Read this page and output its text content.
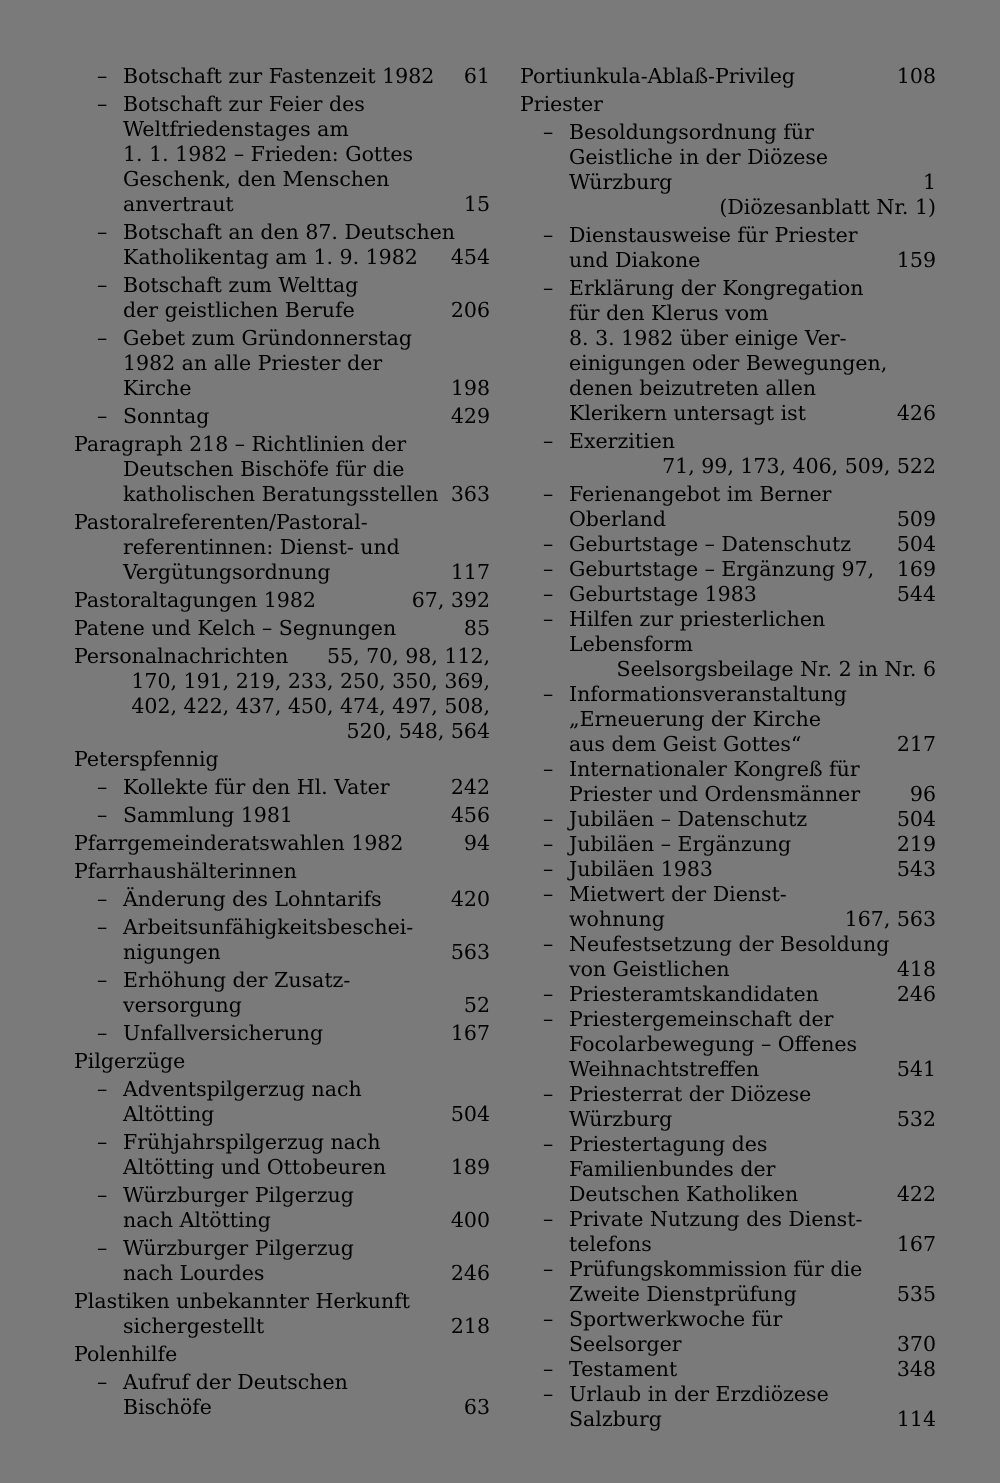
– Botschaft zur Fastenzeit 1982 61
– Botschaft zur Feier des
Weltfriedenstages am
1. 1. 1982 – Frieden: Gottes
Geschenk, den Menschen
anvertraut	15
– Botschaft an den 87. Deutschen
Katholikentag am 1. 9. 1982 454
– Botschaft zum Welttag
der geistlichen Berufe	206
– Gebet zum Gründonnerstag
1982 an alle Priester der
Kirche	198
– Sonntag	429
Paragraph 218 – Richtlinien der
Deutschen Bischöfe für die
katholischen Beratungsstellen 363
Pastoralreferenten/Pastoral-
referentinnen: Dienst- und
Vergütungsordnung	117
Pastoraltagungen 1982	67, 392
Patene und Kelch – Segnungen	85
Personalnachrichten 55, 70, 98, 112,
170, 191, 219, 233, 250, 350, 369,
402, 422, 437, 450, 474, 497, 508,
520, 548, 564
Peterspfennig
– Kollekte für den Hl. Vater	242
– Sammlung 1981	456
Pfarrgemeinderatswahlen 1982	94
Pfarrhaushälterinnen
– Änderung des Lohntarifs	420
– Arbeitsunfähigkeitsbeschei-
nigungen	563
– Erhöhung der Zusatz-
versorgung	52
– Unfallversicherung	167
Pilgerzüge
– Adventspilgerzug nach
Altötting	504
– Frühjahrspilgerzug nach
Altötting und Ottobeuren	189
– Würzburger Pilgerzug
nach Altötting	400
– Würzburger Pilgerzug
nach Lourdes	246
Plastiken unbekannter Herkunft
sichergestellt	218
Polenhilfe
– Aufruf der Deutschen
Bischöfe	63
Portiunkula-Ablaß-Privileg	108
Priester
– Besoldungsordnung für
Geistliche in der Diözese
Würzburg	1
(Diözesanblatt Nr. 1)
– Dienstausweise für Priester
und Diakone	159
– Erklärung der Kongregation
für den Klerus vom
8. 3. 1982 über einige Ver-
einigungen oder Bewegungen,
denen beizutreten allen
Klerikern untersagt ist	426
– Exerzitien
71, 99, 173, 406, 509, 522
– Ferienangebot im Berner
Oberland	509
– Geburtstage – Datenschutz 504
– Geburtstage – Ergänzung 97, 169
– Geburtstage 1983	544
– Hilfen zur priesterlichen
Lebensform
Seelsorgsbeilage Nr. 2 in Nr. 6
– Informationsveranstaltung
„Erneuerung der Kirche
aus dem Geist Gottes“	217
– Internationaler Kongreß für
Priester und Ordensmänner 96
– Jubiläen – Datenschutz	504
– Jubiläen – Ergänzung	219
– Jubiläen 1983	543
– Mietwert der Dienst-
wohnung	167, 563
– Neufestsetzung der Besoldung
von Geistlichen	418
– Priesteramtskandidaten	246
– Priestergemeinschaft der
Focolarbewegung – Offenes
Weihnachtstreffen	541
– Priesterrat der Diözese
Würzburg	532
– Priestertagung des
Familienbundes der
Deutschen Katholiken	422
– Private Nutzung des Dienst-
telefons	167
– Prüfungskommission für die
Zweite Dienstprüfung	535
– Sportwerkwoche für
Seelsorger	370
– Testament	348
– Urlaub in der Erzdiözese
Salzburg	114
